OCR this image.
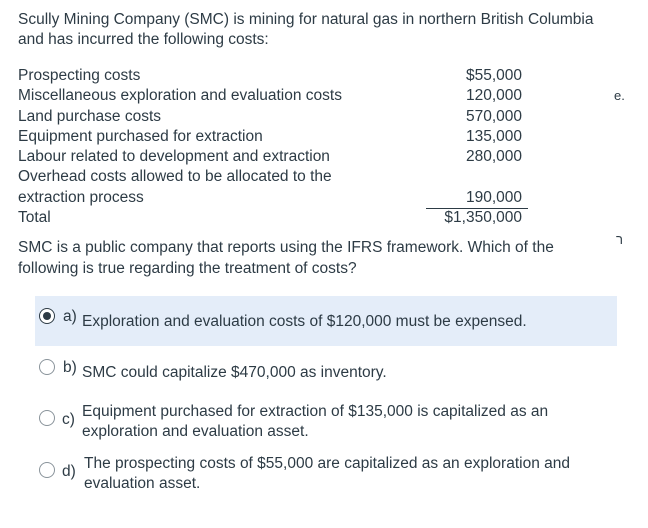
Scully Mining Company (SMC) is mining for natural gas in northern British Columbia
and has incurred the following costs:
Prospecting costs	$55,000
Miscellaneous exploration and evaluation costs	120,000
Land purchase costs	570,000
Equipment purchased for extraction	135,000
Labour related to development and extraction	280,000
Overhead costs allowed to be allocated to the
extraction process	190,000
Total	$1,350,000
e.
ר
SMC is a public company that reports using the IFRS framework. Which of the
following is true regarding the treatment of costs?
a) Exploration and evaluation costs of $120,000 must be expensed.
b) SMC could capitalize $470,000 as inventory.
c) Equipment purchased for extraction of $135,000 is capitalized as an
exploration and evaluation asset.
d) The prospecting costs of $55,000 are capitalized as an exploration and
evaluation asset.
